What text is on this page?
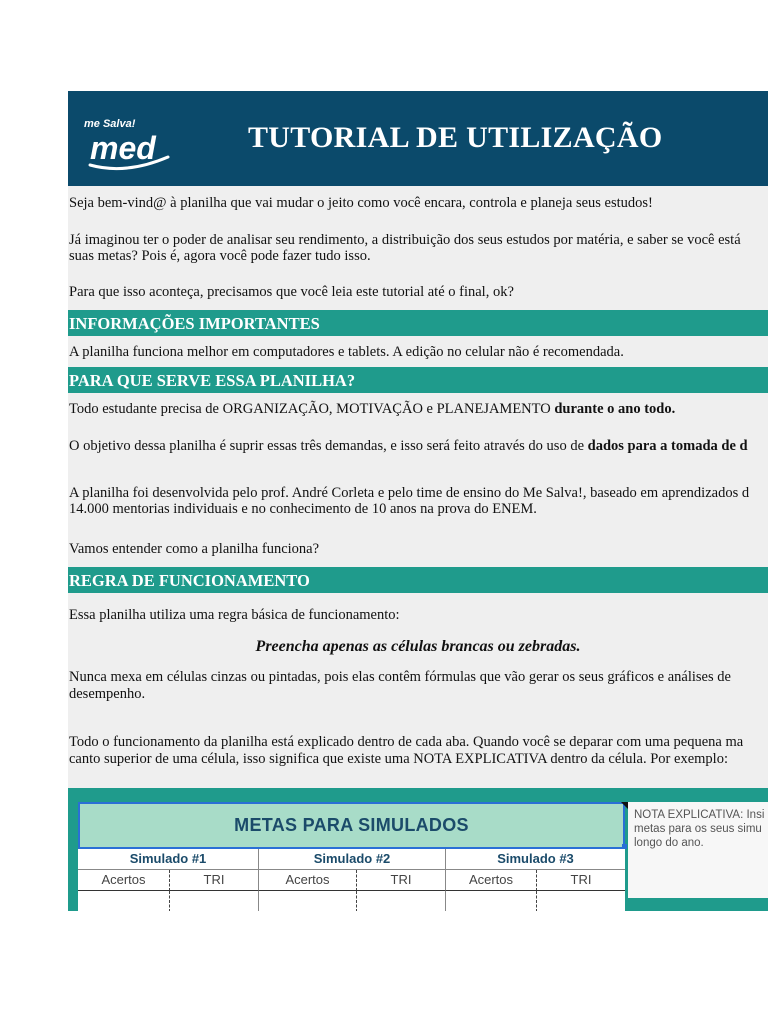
me Salva!
med	TUTORIAL DE UTILIZAÇÃO
Seja bem-vind@ à planilha que vai mudar o jeito como você encara, controla e planeja seus estudos!
Já imaginou ter o poder de analisar seu rendimento, a distribuição dos seus estudos por matéria, e saber se você está
suas metas? Pois é, agora você pode fazer tudo isso.
Para que isso aconteça, precisamos que você leia este tutorial até o final, ok?
INFORMAÇÕES IMPORTANTES
A planilha funciona melhor em computadores e tablets. A edição no celular não é recomendada.
PARA QUE SERVE ESSA PLANILHA?
Todo estudante precisa de ORGANIZAÇÃO, MOTIVAÇÃO e PLANEJAMENTO durante o ano todo.
O objetivo dessa planilha é suprir essas três demandas, e isso será feito através do uso de dados para a tomada de d
A planilha foi desenvolvida pelo prof. André Corleta e pelo time de ensino do Me Salva!, baseado em aprendizados d
14.000 mentorias individuais e no conhecimento de 10 anos na prova do ENEM.
Vamos entender como a planilha funciona?
REGRA DE FUNCIONAMENTO
Essa planilha utiliza uma regra básica de funcionamento:
Preencha apenas as células brancas ou zebradas.
Nunca mexa em células cinzas ou pintadas, pois elas contêm fórmulas que vão gerar os seus gráficos e análises de
desempenho.
Todo o funcionamento da planilha está explicado dentro de cada aba. Quando você se deparar com uma pequena ma
canto superior de uma célula, isso significa que existe uma NOTA EXPLICATIVA dentro da célula. Por exemplo:
METAS PARA SIMULADOS
Simulado #1	Simulado #2	Simulado #3
Acertos	TRI	Acertos	TRI	Acertos	TRI
NOTA EXPLICATIVA: Insi
metas para os seus simu
longo do ano.
